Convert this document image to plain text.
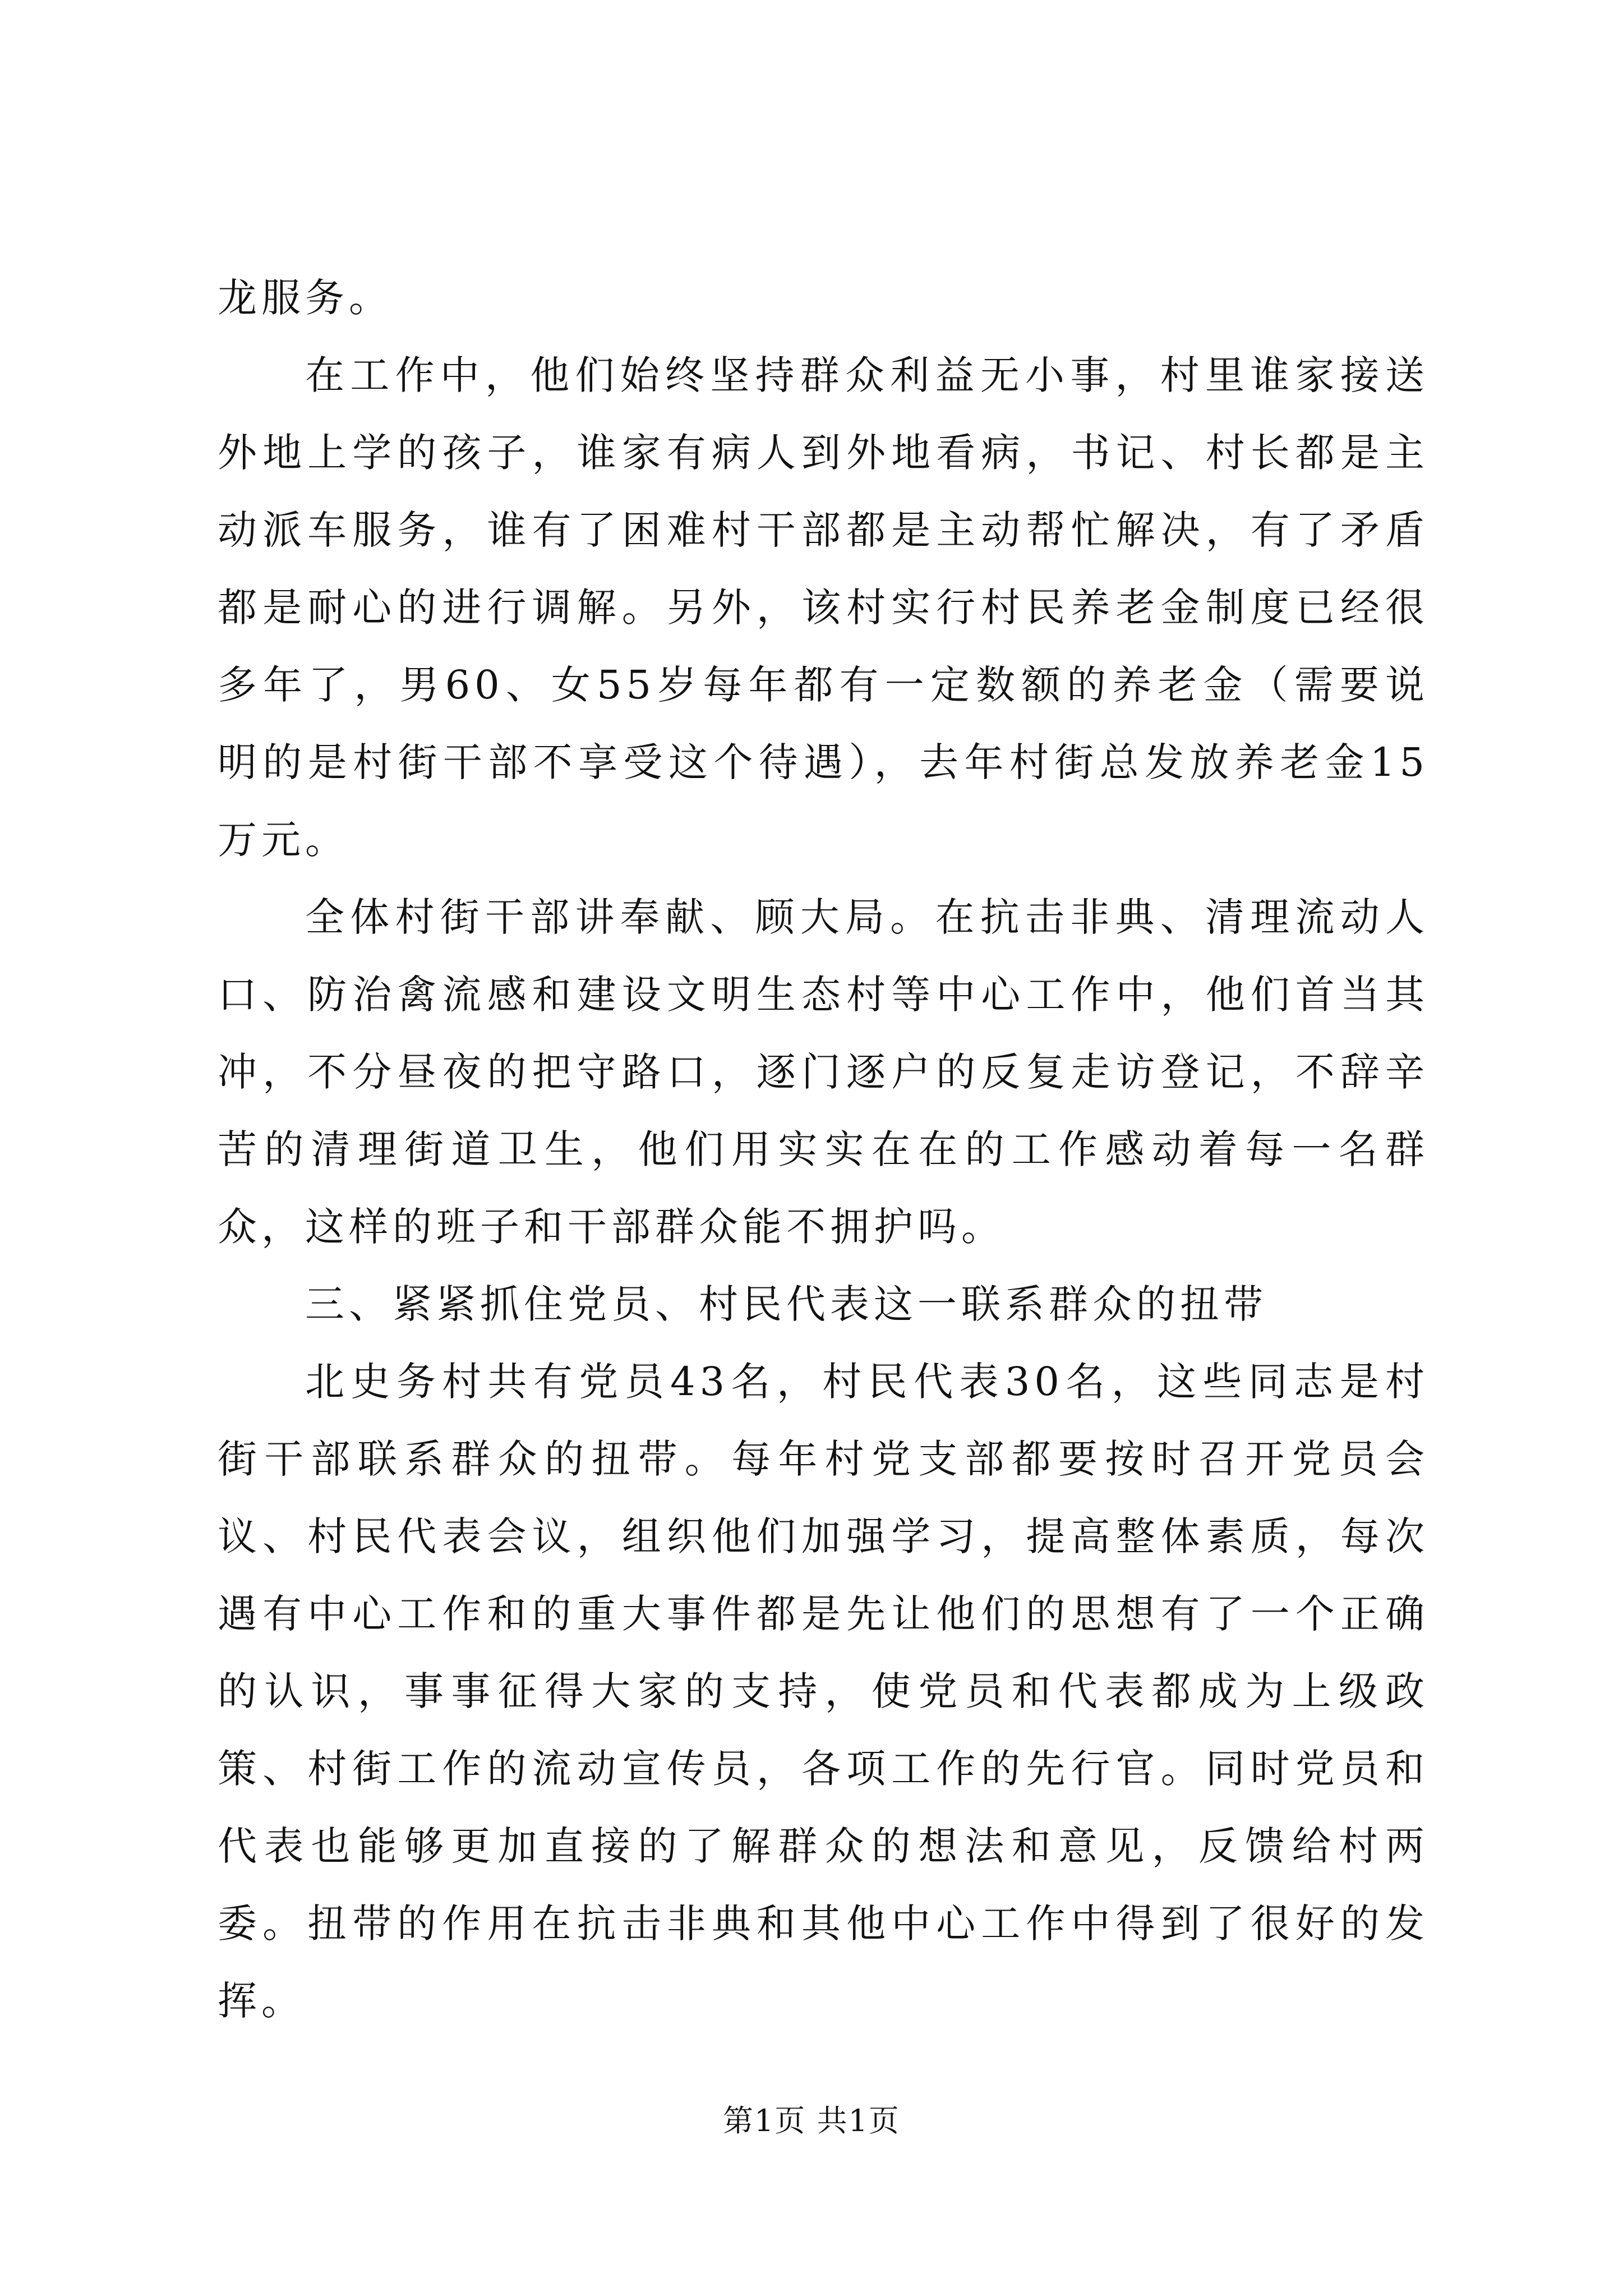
龙服务。

在工作中，他们始终坚持群众利益无小事，村里谁家接送外地上学的孩子，谁家有病人到外地看病，书记、村长都是主动派车服务，谁有了困难村干部都是主动帮忙解决，有了矛盾都是耐心的进行调解。另外，该村实行村民养老金制度已经很多年了，男60、女55岁每年都有一定数额的养老金（需要说明的是村街干部不享受这个待遇），去年村街总发放养老金15万元。

全体村街干部讲奉献、顾大局。在抗击非典、清理流动人口、防治禽流感和建设文明生态村等中心工作中，他们首当其冲，不分昼夜的把守路口，逐门逐户的反复走访登记，不辞辛苦的清理街道卫生，他们用实实在在的工作感动着每一名群众，这样的班子和干部群众能不拥护吗。

三、紧紧抓住党员、村民代表这一联系群众的扭带

北史务村共有党员43名，村民代表30名，这些同志是村街干部联系群众的扭带。每年村党支部都要按时召开党员会议、村民代表会议，组织他们加强学习，提高整体素质，每次遇有中心工作和的重大事件都是先让他们的思想有了一个正确的认识，事事征得大家的支持，使党员和代表都成为上级政策、村街工作的流动宣传员，各项工作的先行官。同时党员和代表也能够更加直接的了解群众的想法和意见，反馈给村两委。扭带的作用在抗击非典和其他中心工作中得到了很好的发挥。

第1页 共1页
